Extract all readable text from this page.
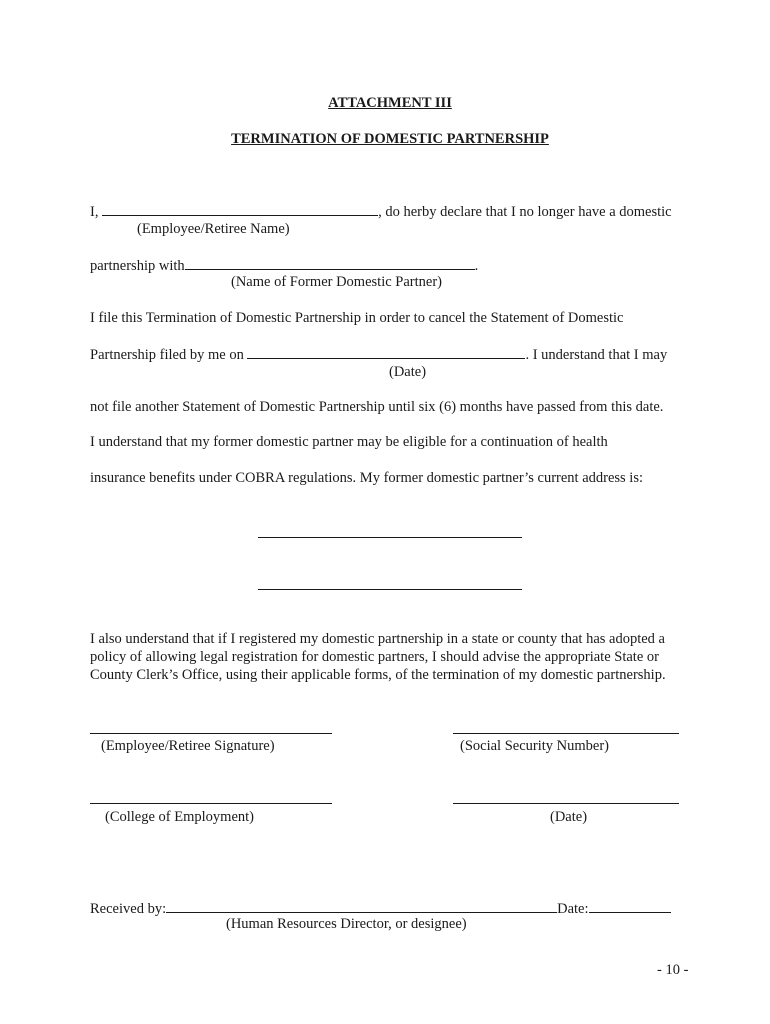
ATTACHMENT III
TERMINATION OF DOMESTIC PARTNERSHIP
I,	, do herby declare that I no longer have a domestic
(Employee/Retiree Name)
partnership with	.
(Name of Former Domestic Partner)
I file this Termination of Domestic Partnership in order to cancel the Statement of Domestic
Partnership filed by me on	. I understand that I may
(Date)
not file another Statement of Domestic Partnership until six (6) months have passed from this date.
I understand that my former domestic partner may be eligible for a continuation of health
insurance benefits under COBRA regulations. My former domestic partner’s current address is:
I also understand that if I registered my domestic partnership in a state or county that has adopted a policy of allowing legal registration for domestic partners, I should advise the appropriate State or County Clerk’s Office, using their applicable forms, of the termination of my domestic partnership.
(Employee/Retiree Signature)	(Social Security Number)
(College of Employment)	(Date)
Received by:	Date:
(Human Resources Director, or designee)
- 10 -
